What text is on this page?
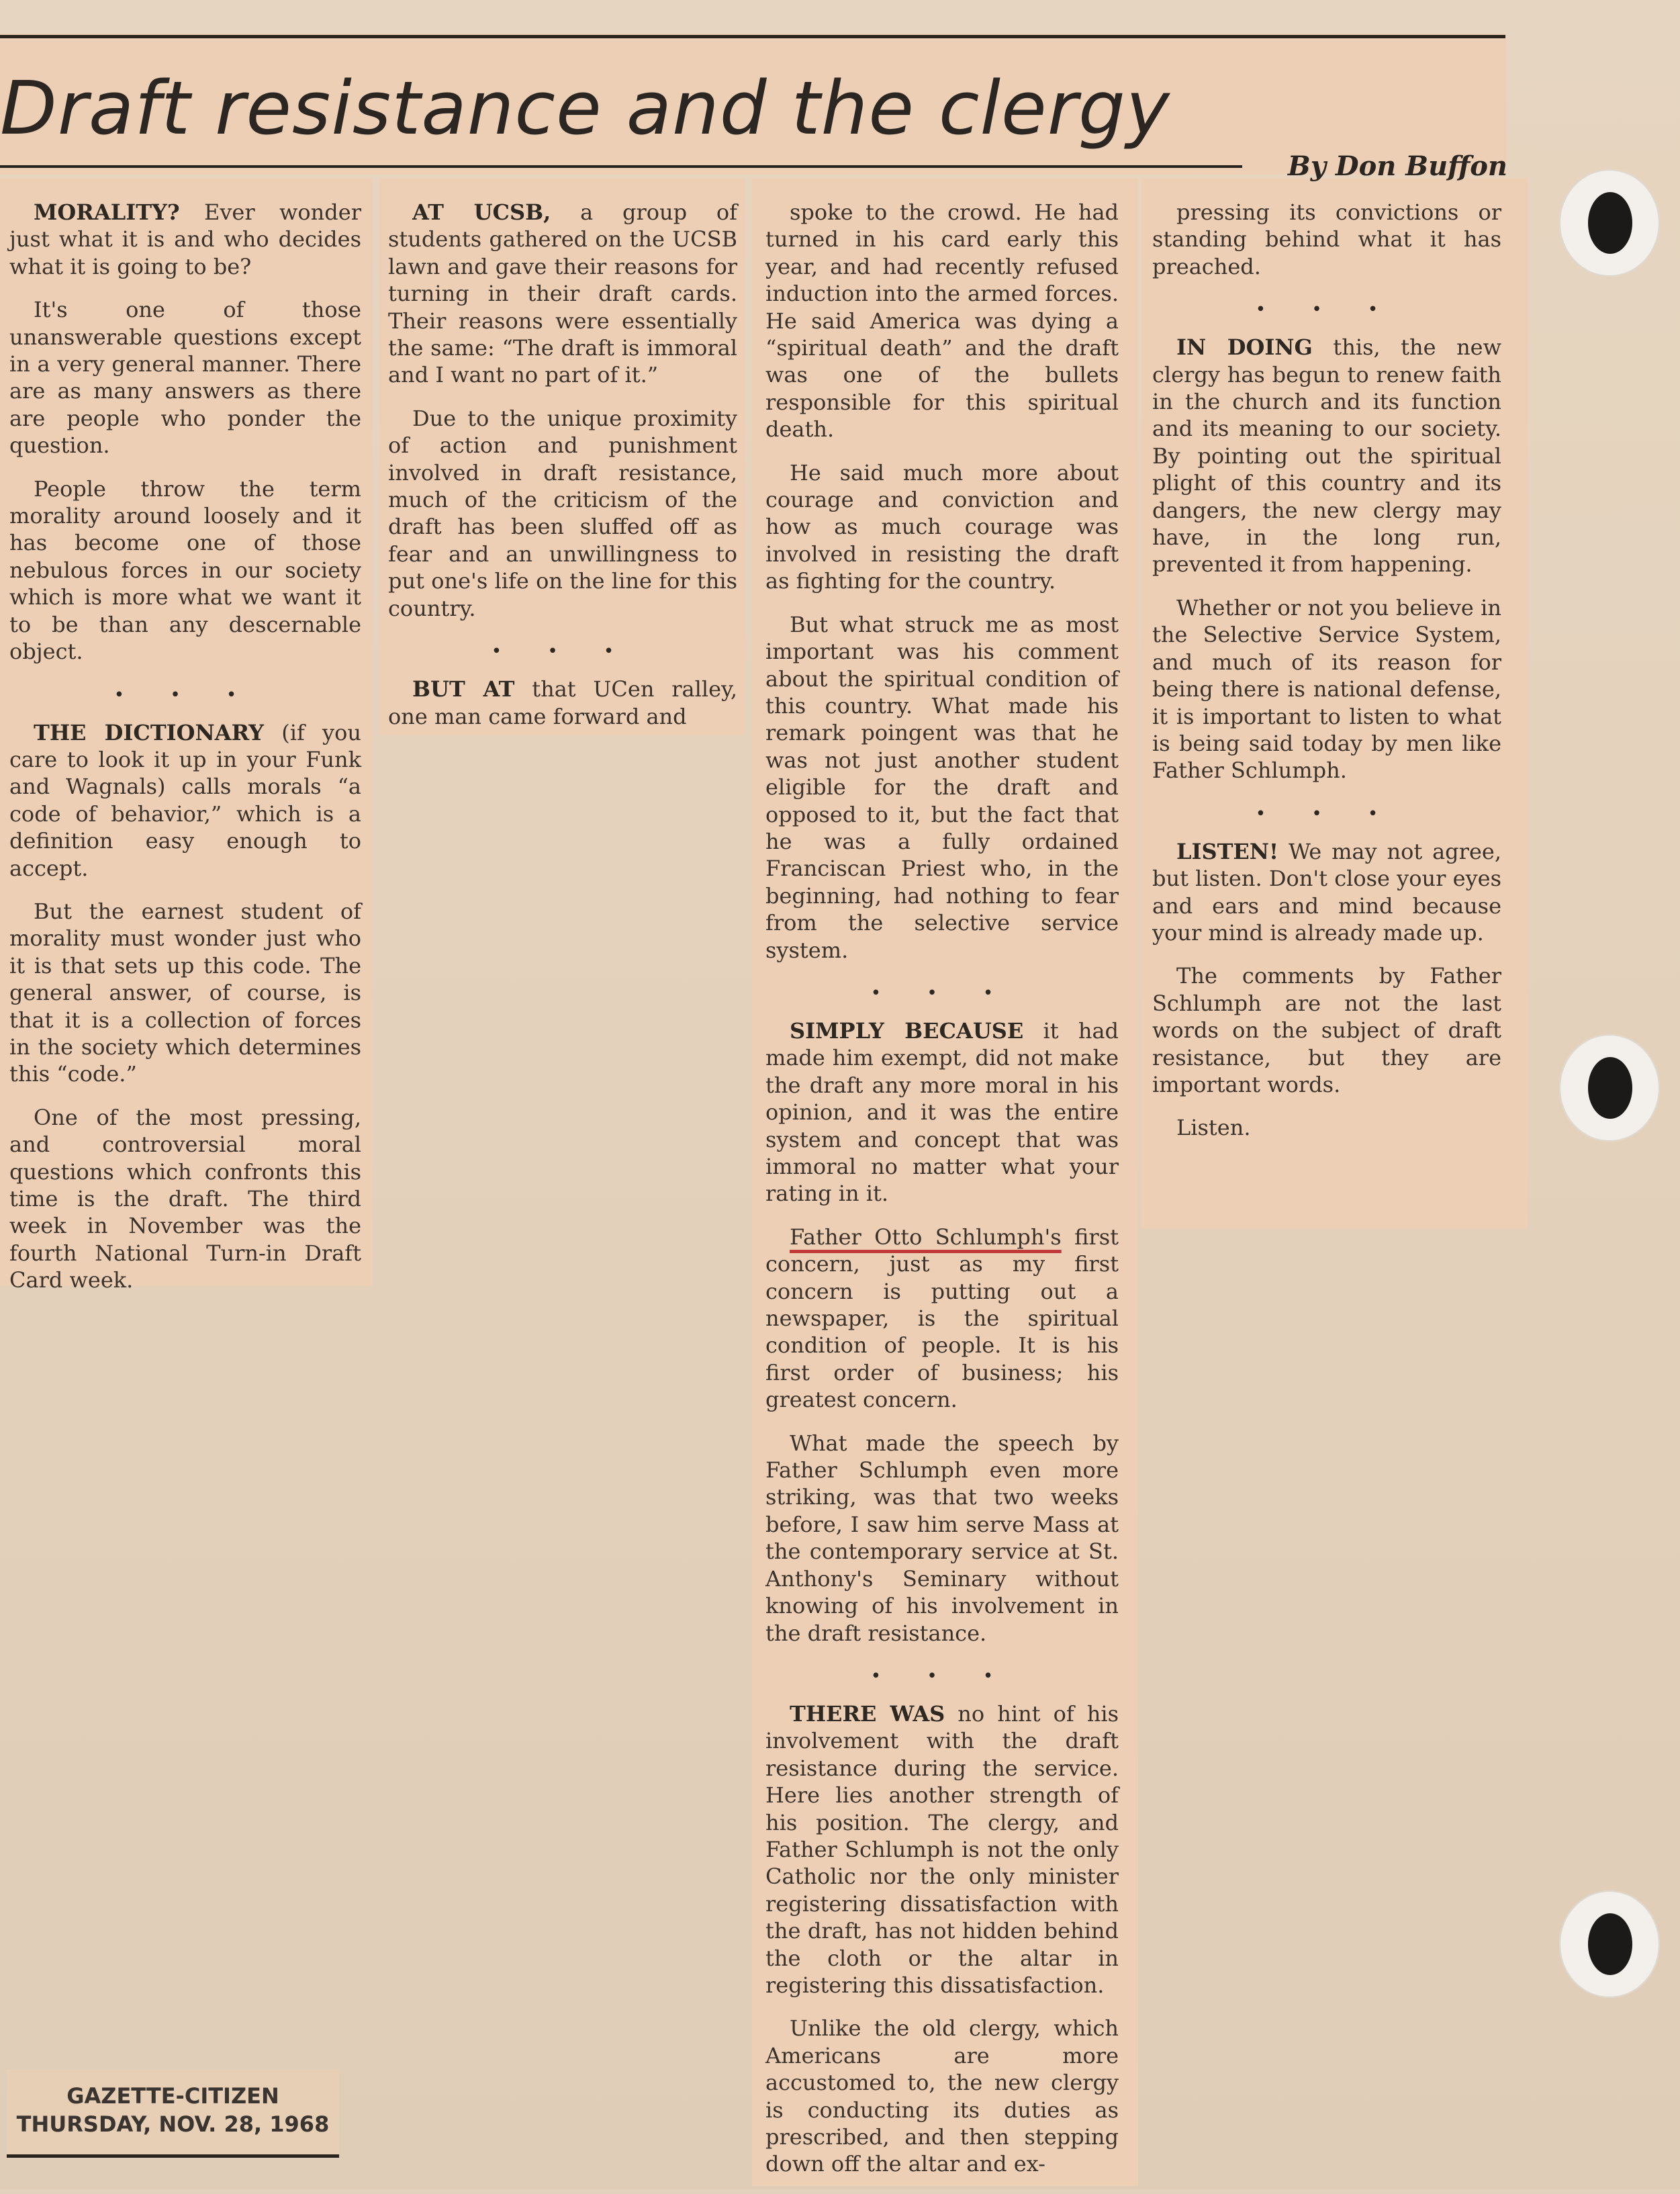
Draft resistance and the clergy
By Don Buffon

MORALITY? Ever wonder just what it is and who decides what it is going to be?

It's one of those unanswerable questions except in a very general manner. There are as many answers as there are people who ponder the question.

People throw the term morality around loosely and it has become one of those nebulous forces in our society which is more what we want it to be than any descernable object.

• • •

THE DICTIONARY (if you care to look it up in your Funk and Wagnals) calls morals “a code of behavior,” which is a definition easy enough to accept.

But the earnest student of morality must wonder just who it is that sets up this code. The general answer, of course, is that it is a collection of forces in the society which determines this “code.”

One of the most pressing, and controversial moral questions which confronts this time is the draft. The third week in November was the fourth National Turn-in Draft Card week.

AT UCSB, a group of students gathered on the UCSB lawn and gave their reasons for turning in their draft cards. Their reasons were essentially the same: “The draft is immoral and I want no part of it.”

Due to the unique proximity of action and punishment involved in draft resistance, much of the criticism of the draft has been sluffed off as fear and an unwillingness to put one's life on the line for this country.

• • •

BUT AT that UCen ralley, one man came forward and

spoke to the crowd. He had turned in his card early this year, and had recently refused induction into the armed forces. He said America was dying a “spiritual death” and the draft was one of the bullets responsible for this spiritual death.

He said much more about courage and conviction and how as much courage was involved in resisting the draft as fighting for the country.

But what struck me as most important was his comment about the spiritual condition of this country. What made his remark poingent was that he was not just another student eligible for the draft and opposed to it, but the fact that he was a fully ordained Franciscan Priest who, in the beginning, had nothing to fear from the selective service system.

• • •

SIMPLY BECAUSE it had made him exempt, did not make the draft any more moral in his opinion, and it was the entire system and concept that was immoral no matter what your rating in it.

Father Otto Schlumph's first concern, just as my first concern is putting out a newspaper, is the spiritual condition of people. It is his first order of business; his greatest concern.

What made the speech by Father Schlumph even more striking, was that two weeks before, I saw him serve Mass at the contemporary service at St. Anthony's Seminary without knowing of his involvement in the draft resistance.

• • •

THERE WAS no hint of his involvement with the draft resistance during the service. Here lies another strength of his position. The clergy, and Father Schlumph is not the only Catholic nor the only minister registering dissatisfaction with the draft, has not hidden behind the cloth or the altar in registering this dissatisfaction.

Unlike the old clergy, which Americans are more accustomed to, the new clergy is conducting its duties as prescribed, and then stepping down off the altar and ex-

pressing its convictions or standing behind what it has preached.

• • •

IN DOING this, the new clergy has begun to renew faith in the church and its function and its meaning to our society. By pointing out the spiritual plight of this country and its dangers, the new clergy may have, in the long run, prevented it from happening.

Whether or not you believe in the Selective Service System, and much of its reason for being there is national defense, it is important to listen to what is being said today by men like Father Schlumph.

• • •

LISTEN! We may not agree, but listen. Don't close your eyes and ears and mind because your mind is already made up.

The comments by Father Schlumph are not the last words on the subject of draft resistance, but they are important words.

Listen.

GAZETTE-CITIZEN
THURSDAY, NOV. 28, 1968
